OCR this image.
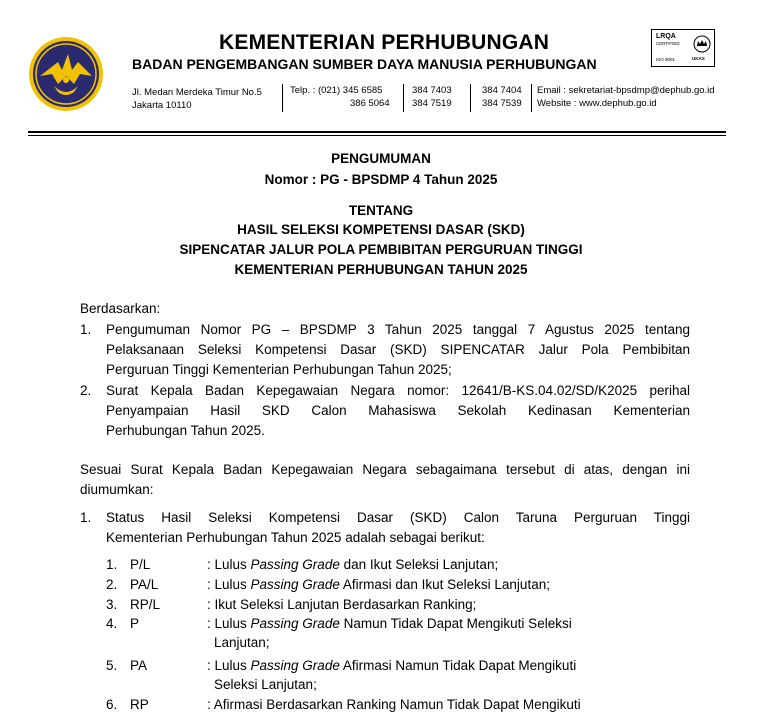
KEMENTERIAN PERHUBUNGAN
BADAN PENGEMBANGAN SUMBER DAYA MANUSIA PERHUBUNGAN
LRQA
CERTIFIED
ISO 9001	UKAS
Jl. Medan Merdeka Timur No.5
Jakarta 10110
Telp. : (021) 345 6585
386 5064
384 7403
384 7519
384 7404
384 7539
Email : sekretariat-bpsdmp@dephub.go.id
Website : www.dephub.go.id
PENGUMUMAN
Nomor : PG - BPSDMP 4 Tahun 2025
TENTANG
HASIL SELEKSI KOMPETENSI DASAR (SKD)
SIPENCATAR JALUR POLA PEMBIBITAN PERGURUAN TINGGI
KEMENTERIAN PERHUBUNGAN TAHUN 2025
Berdasarkan:
1. Pengumuman Nomor PG – BPSDMP 3 Tahun 2025 tanggal 7 Agustus 2025 tentang
Pelaksanaan Seleksi Kompetensi Dasar (SKD) SIPENCATAR Jalur Pola Pembibitan
Perguruan Tinggi Kementerian Perhubungan Tahun 2025;
2. Surat Kepala Badan Kepegawaian Negara nomor: 12641/B-KS.04.02/SD/K2025 perihal
Penyampaian Hasil SKD Calon Mahasiswa Sekolah Kedinasan Kementerian
Perhubungan Tahun 2025.
Sesuai Surat Kepala Badan Kepegawaian Negara sebagaimana tersebut di atas, dengan ini
diumumkan:
1. Status Hasil Seleksi Kompetensi Dasar (SKD) Calon Taruna Perguruan Tinggi
Kementerian Perhubungan Tahun 2025 adalah sebagai berikut:
1. P/L	: Lulus Passing Grade dan Ikut Seleksi Lanjutan;
2. PA/L	: Lulus Passing Grade Afirmasi dan Ikut Seleksi Lanjutan;
3. RP/L	: Ikut Seleksi Lanjutan Berdasarkan Ranking;
4. P	: Lulus Passing Grade Namun Tidak Dapat Mengikuti Seleksi
Lanjutan;
5. PA	: Lulus Passing Grade Afirmasi Namun Tidak Dapat Mengikuti
Seleksi Lanjutan;
6. RP	: Afirmasi Berdasarkan Ranking Namun Tidak Dapat Mengikuti
